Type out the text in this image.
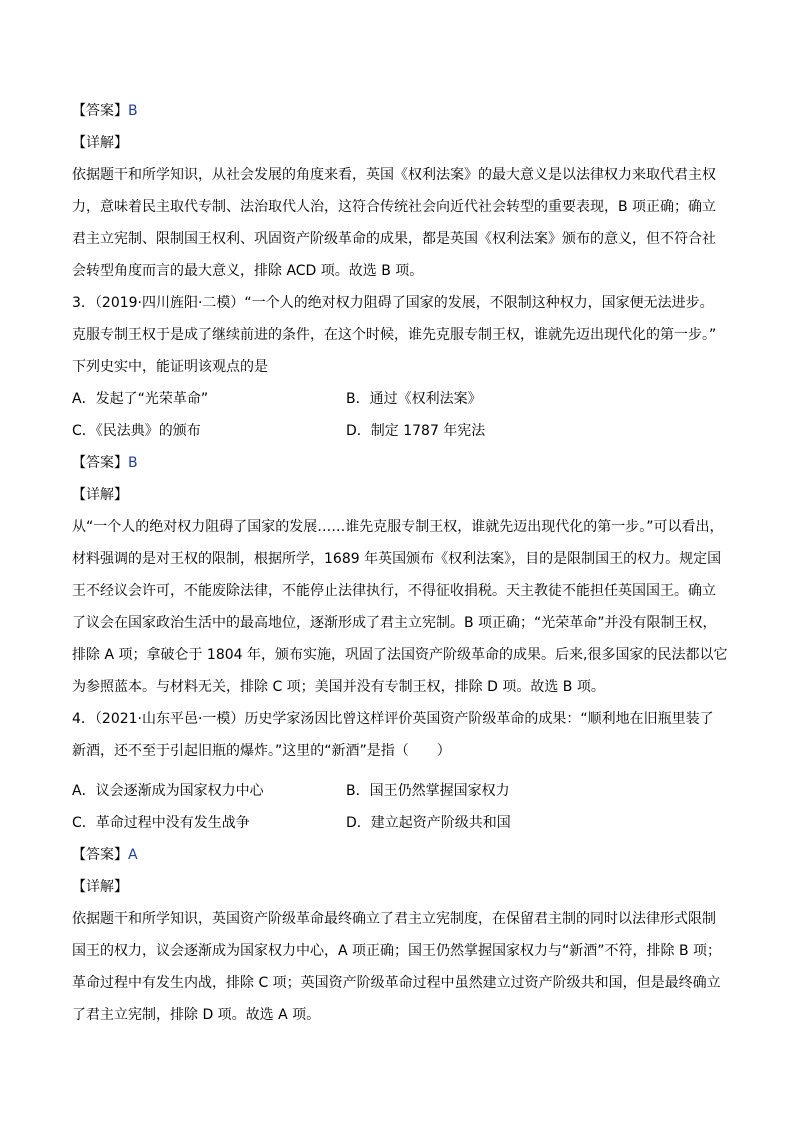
【答案】B
【详解】
依据题干和所学知识，从社会发展的角度来看，英国《权利法案》的最大意义是以法律权力来取代君主权
力，意味着民主取代专制、法治取代人治，这符合传统社会向近代社会转型的重要表现，B 项正确；确立
君主立宪制、限制国王权利、巩固资产阶级革命的成果，都是英国《权利法案》颁布的意义，但不符合社
会转型角度而言的最大意义，排除 ACD 项。故选 B 项。
3．（2019·四川旌阳·二模）“一个人的绝对权力阻碍了国家的发展，不限制这种权力，国家便无法进步。
克服专制王权于是成了继续前进的条件，在这个时候，谁先克服专制王权，谁就先迈出现代化的第一步。”
下列史实中，能证明该观点的是
A．发起了“光荣革命”	B．通过《权利法案》
C．《民法典》的颁布	D．制定 1787 年宪法
【答案】B
【详解】
从“一个人的绝对权力阻碍了国家的发展……谁先克服专制王权，谁就先迈出现代化的第一步。”可以看出，
材料强调的是对王权的限制，根据所学，1689 年英国颁布《权利法案》，目的是限制国王的权力。规定国
王不经议会许可，不能废除法律，不能停止法律执行，不得征收捐税。天主教徒不能担任英国国王。确立
了议会在国家政治生活中的最高地位，逐渐形成了君主立宪制。B 项正确；“光荣革命”并没有限制王权，
排除 A 项；拿破仑于 1804 年，颁布实施，巩固了法国资产阶级革命的成果。后来,很多国家的民法都以它
为参照蓝本。与材料无关，排除 C 项；美国并没有专制王权，排除 D 项。故选 B 项。
4．（2021·山东平邑·一模）历史学家汤因比曾这样评价英国资产阶级革命的成果：“顺利地在旧瓶里装了
新酒，还不至于引起旧瓶的爆炸。”这里的“新酒”是指（　　）
A．议会逐渐成为国家权力中心	B．国王仍然掌握国家权力
C．革命过程中没有发生战争	D．建立起资产阶级共和国
【答案】A
【详解】
依据题干和所学知识，英国资产阶级革命最终确立了君主立宪制度，在保留君主制的同时以法律形式限制
国王的权力，议会逐渐成为国家权力中心，A 项正确；国王仍然掌握国家权力与“新酒”不符，排除 B 项；
革命过程中有发生内战，排除 C 项；英国资产阶级革命过程中虽然建立过资产阶级共和国，但是最终确立
了君主立宪制，排除 D 项。故选 A 项。
